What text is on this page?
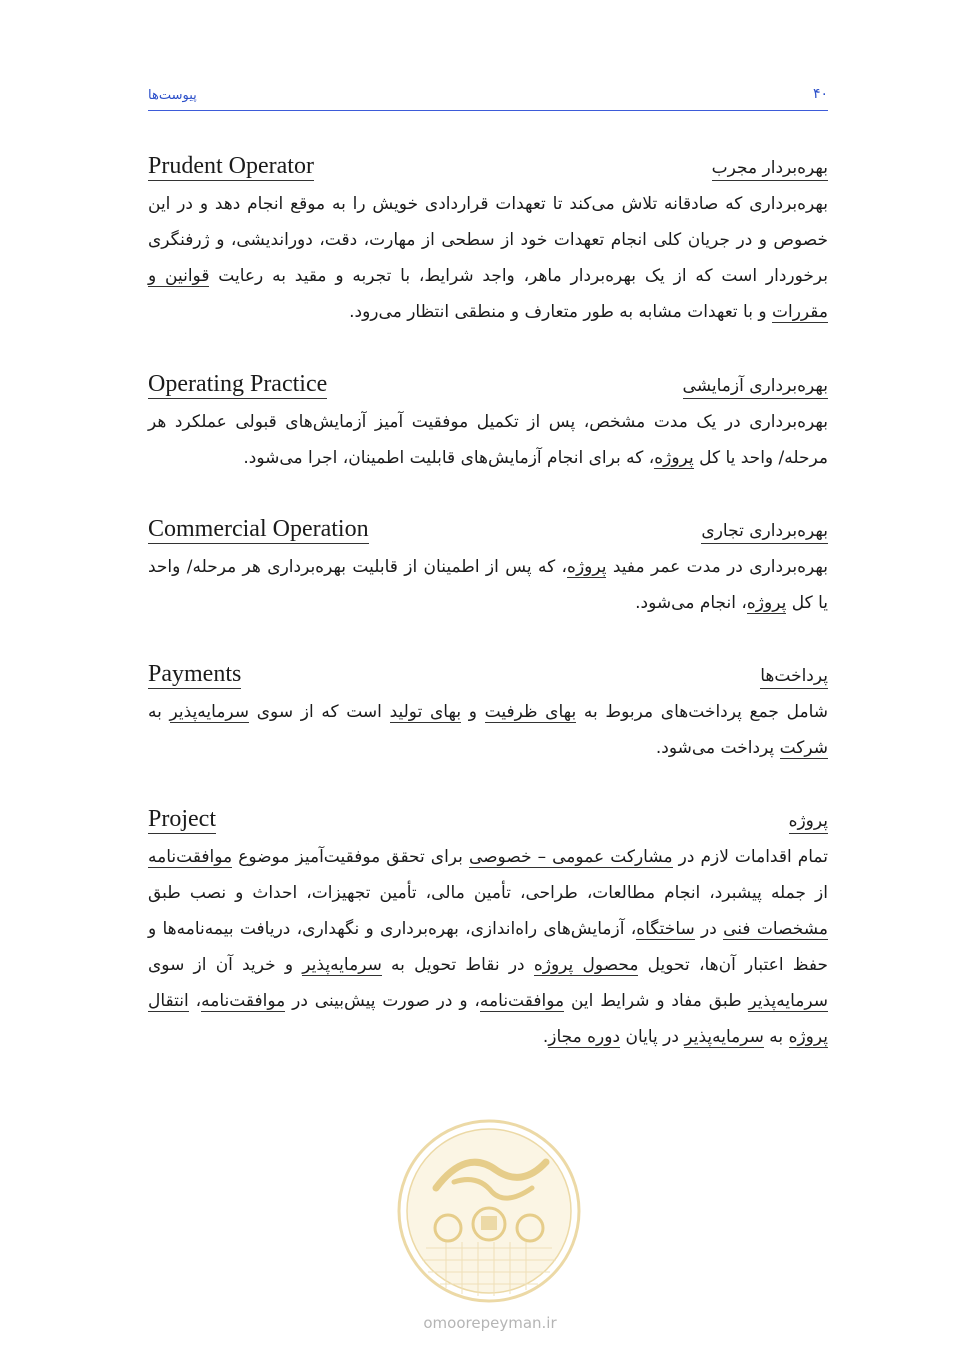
۴۰
پیوست‌ها
Prudent Operator	بهره‌بردار مجرب

بهره‌برداری که صادقانه تلاش می‌کند تا تعهدات قراردادی خویش را به موقع انجام دهد و در این خصوص و در جریان کلی انجام تعهدات خود از سطحی از مهارت، دقت، دوراندیشی، و ژرفنگری برخوردار است که از یک بهره‌بردار ماهر، واجد شرایط، با تجربه و مقید به رعایت قوانین و مقررات و با تعهدات مشابه به طور متعارف و منطقی انتظار می‌رود.

Operating Practice	بهره‌برداری آزمایشی

بهره‌برداری در یک مدت مشخص، پس از تکمیل موفقیت آمیز آزمایش‌های قبولی عملکرد هر مرحله/ واحد یا کل پروژه، که برای انجام آزمایش‌های قابلیت اطمینان، اجرا می‌شود.

Commercial Operation	بهره‌برداری تجاری

بهره‌برداری در مدت عمر مفید پروژه، که پس از اطمینان از قابلیت بهره‌برداری هر مرحله/ واحد یا کل پروژه، انجام می‌شود.

Payments	پرداخت‌ها

شامل جمع پرداخت‌های مربوط به بهای ظرفیت و بهای تولید است که از سوی سرمایه‌پذیر به شرکت پرداخت می‌شود.

Project	پروژه

تمام اقدامات لازم در مشارکت عمومی – خصوصی برای تحقق موفقیت‌آمیز موضوع موافقت‌نامه از جمله پیشبرد، انجام مطالعات، طراحی، تأمین مالی، تأمین تجهیزات، احداث و نصب طبق مشخصات فنی در ساختگاه، آزمایش‌های راه‌اندازی، بهره‌برداری و نگهداری، دریافت بیمه‌نامه‌ها و حفظ اعتبار آن‌ها، تحویل محصول پروژه در نقاط تحویل به سرمایه‌پذیر و خرید آن از سوی سرمایه‌پذیر طبق مفاد و شرایط این موافقت‌نامه، و در صورت پیش‌بینی در موافقت‌نامه، انتقال پروژه به سرمایه‌پذیر در پایان دوره مجاز.

omoorepeyman.ir
